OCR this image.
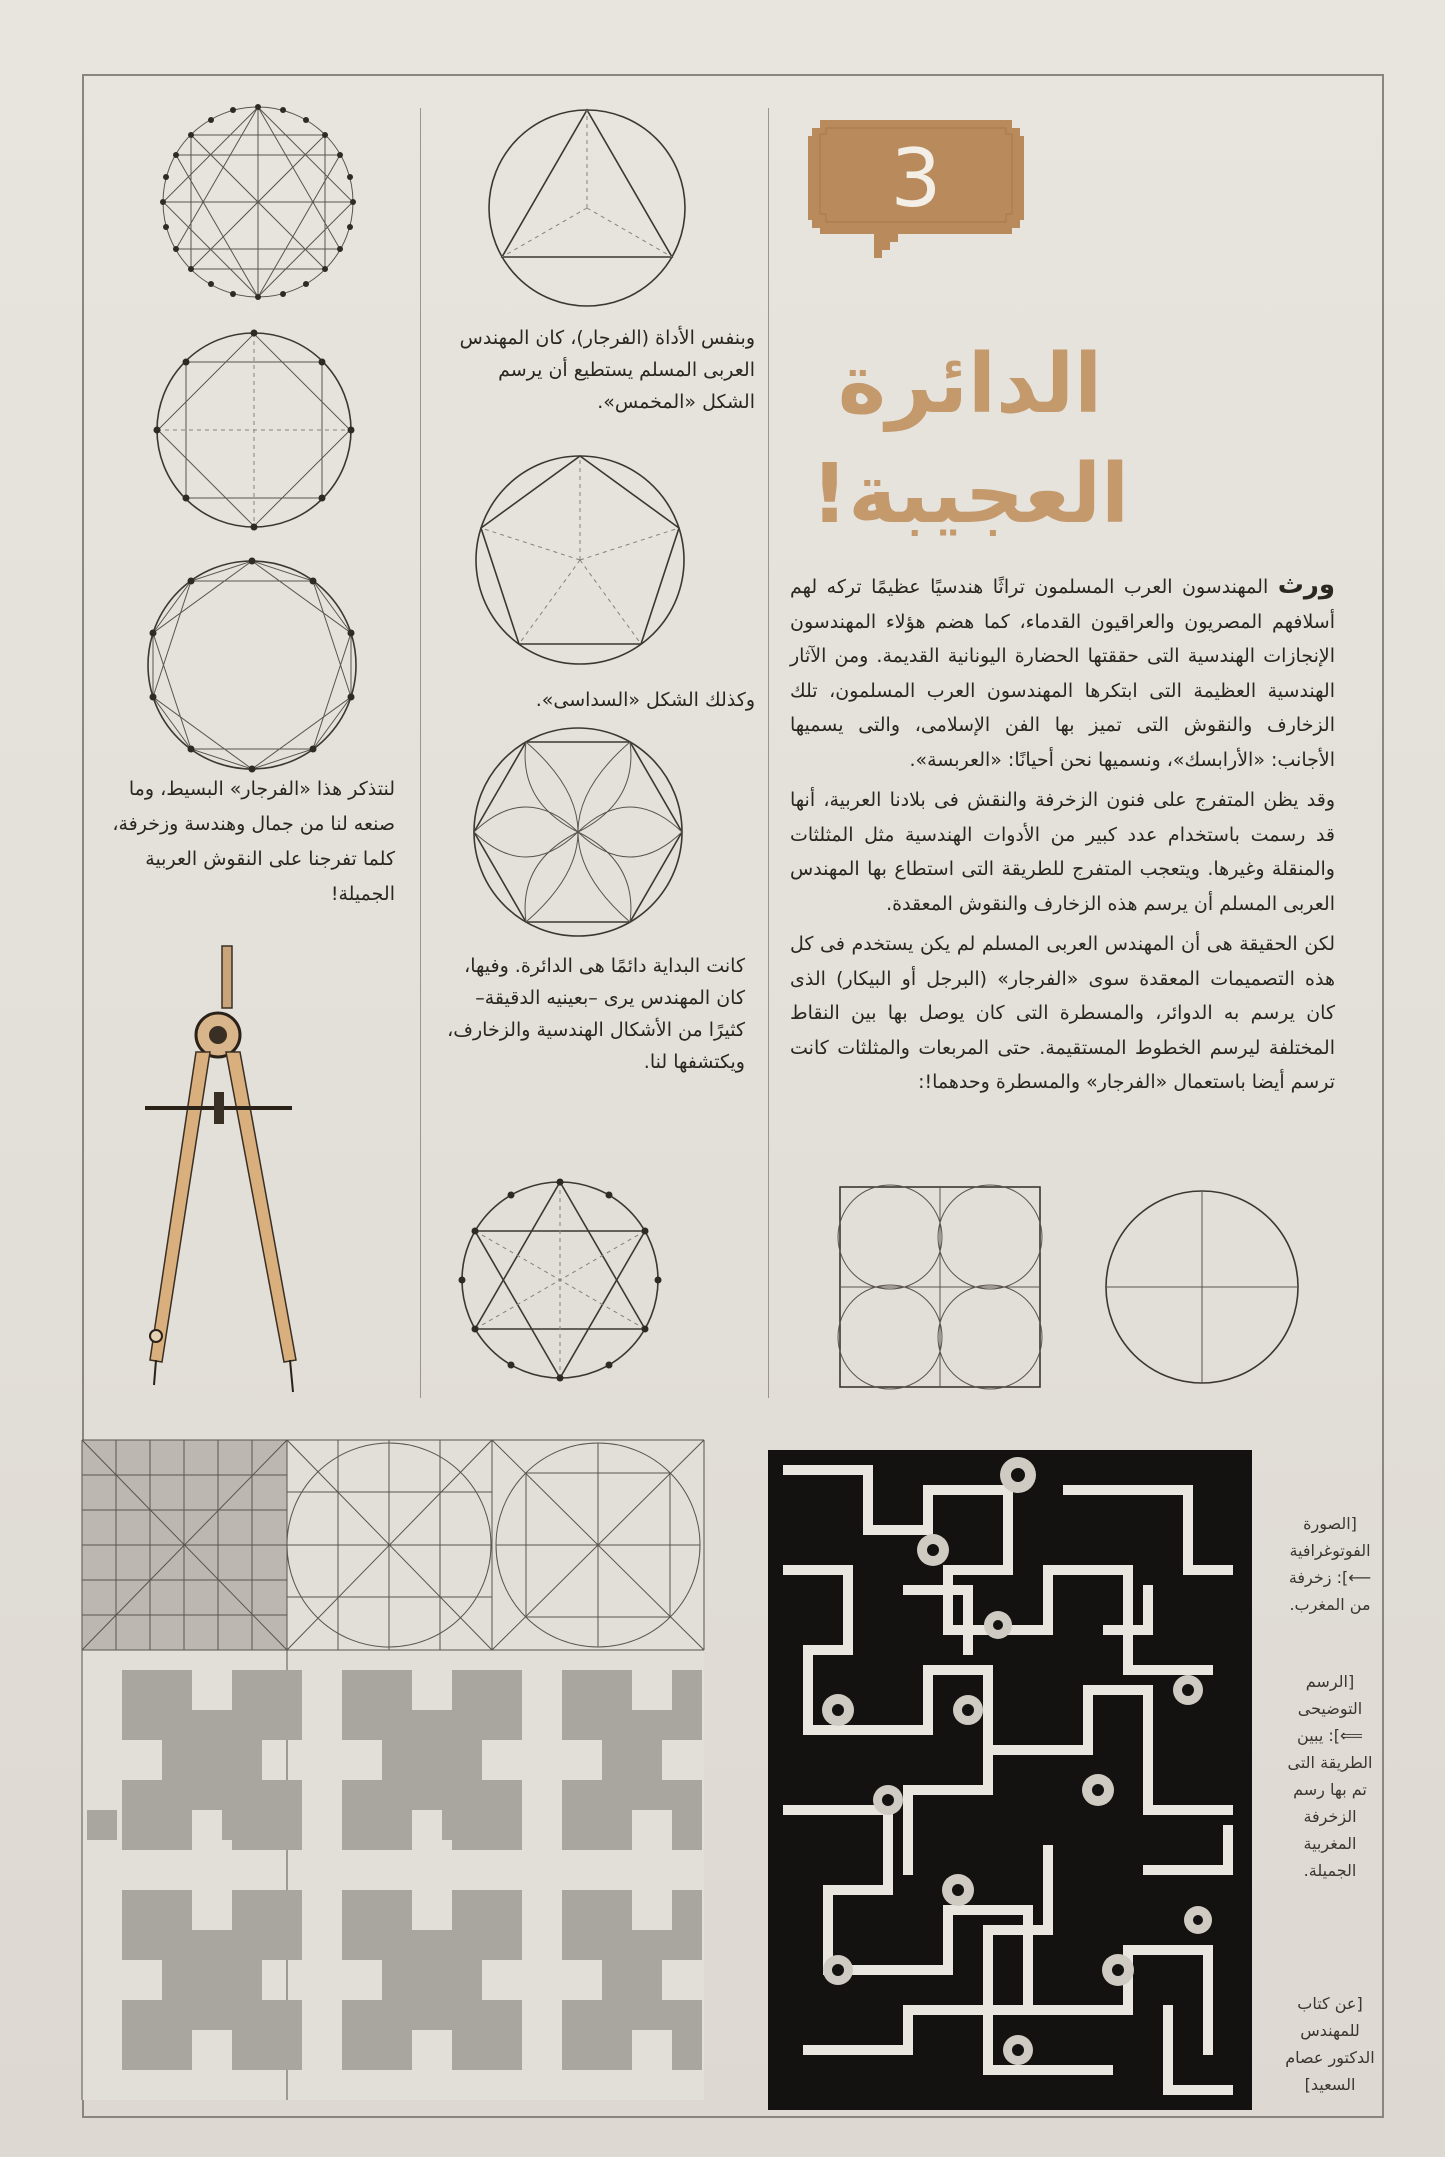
3
الدائرة
العجيبة!

ورث المهندسون العرب المسلمون تراثًا هندسيًا عظيمًا تركه لهم أسلافهم المصريون والعراقيون القدماء، كما هضم هؤلاء المهندسون الإنجازات الهندسية التى حققتها الحضارة اليونانية القديمة. ومن الآثار الهندسية العظيمة التى ابتكرها المهندسون العرب المسلمون، تلك الزخارف والنقوش التى تميز بها الفن الإسلامى، والتى يسميها الأجانب: «الأرابسك»، ونسميها نحن أحيانًا: «العربسة».

وقد يظن المتفرج على فنون الزخرفة والنقش فى بلادنا العربية، أنها قد رسمت باستخدام عدد كبير من الأدوات الهندسية مثل المثلثات والمنقلة وغيرها. ويتعجب المتفرج للطريقة التى استطاع بها المهندس العربى المسلم أن يرسم هذه الزخارف والنقوش المعقدة.

لكن الحقيقة هى أن المهندس العربى المسلم لم يكن يستخدم فى كل هذه التصميمات المعقدة سوى «الفرجار» (البرجل أو البيكار) الذى كان يرسم به الدوائر، والمسطرة التى كان يوصل بها بين النقاط المختلفة ليرسم الخطوط المستقيمة. حتى المربعات والمثلثات كانت ترسم أيضا باستعمال «الفرجار» والمسطرة وحدهما!:

وبنفس الأداة (الفرجار)، كان المهندس العربى المسلم يستطيع أن يرسم الشكل «المخمس».
وكذلك الشكل «السداسى».
كانت البداية دائمًا هى الدائرة. وفيها، كان المهندس يرى –بعينيه الدقيقة– كثيرًا من الأشكال الهندسية والزخارف، ويكتشفها لنا.
لنتذكر هذا «الفرجار» البسيط، وما صنعه لنا من جمال وهندسة وزخرفة، كلما تفرجنا على النقوش العربية الجميلة!
[الصورة الفوتوغرافية ⟵]: زخرفة من المغرب.
[الرسم التوضيحى ⟸]: يبين الطريقة التى تم بها رسم الزخرفة المغربية الجميلة.
[عن كتاب للمهندس الدكتور عصام السعيد]
